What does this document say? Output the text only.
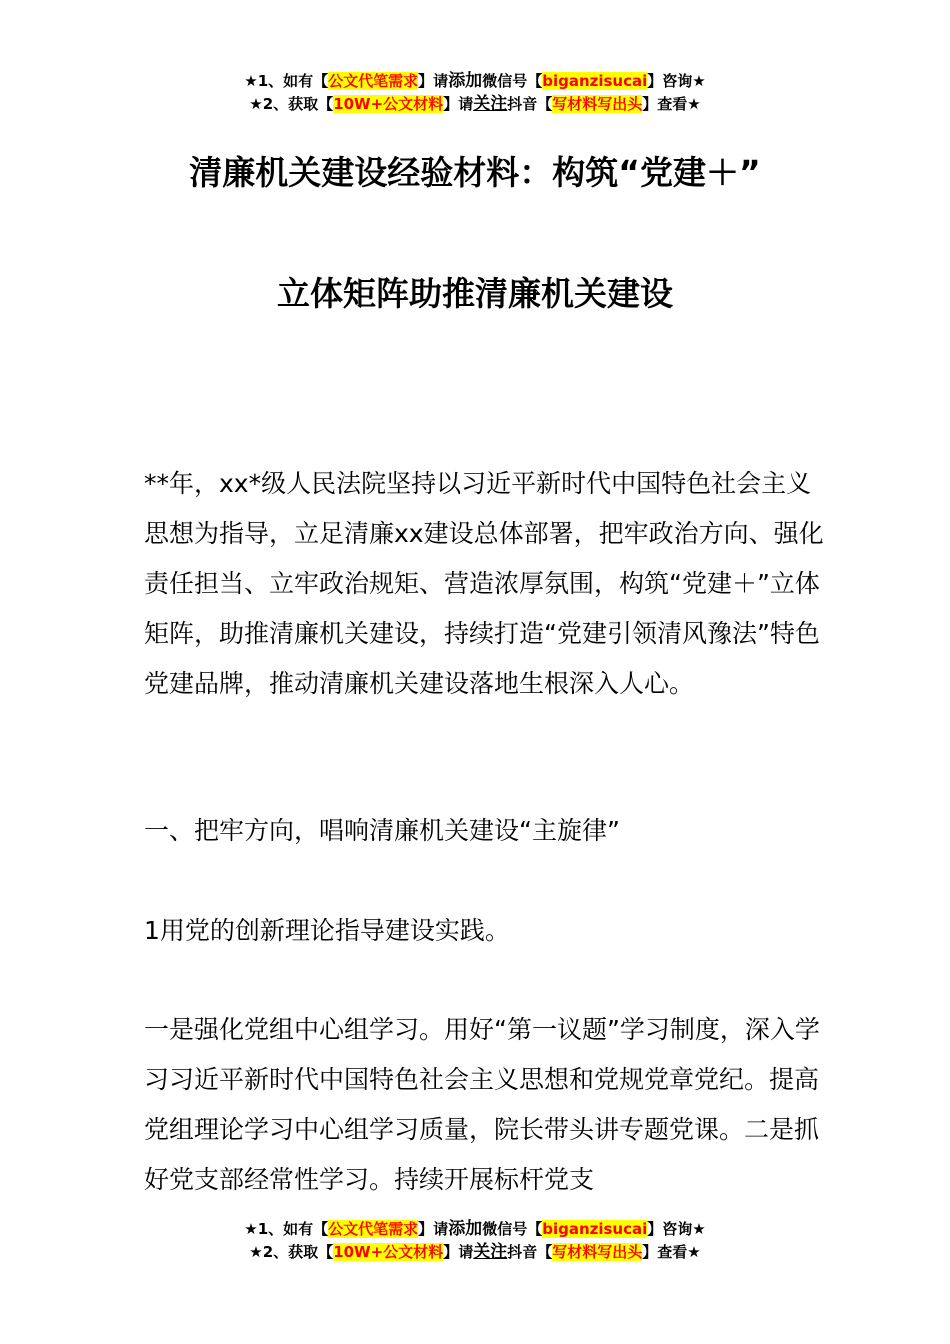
★1、如有【公文代笔需求】请添加微信号【biganzisucai】咨询★
★2、获取【10W+公文材料】请关注抖音【写材料写出头】查看★
清廉机关建设经验材料：构筑“党建＋”
立体矩阵助推清廉机关建设

**年，xx*级人民法院坚持以习近平新时代中国特色社会主义思想为指导，立足清廉xx建设总体部署，把牢政治方向、强化责任担当、立牢政治规矩、营造浓厚氛围，构筑“党建＋”立体矩阵，助推清廉机关建设，持续打造“党建引领清风豫法”特色党建品牌，推动清廉机关建设落地生根深入人心。

一、把牢方向，唱响清廉机关建设“主旋律”

1用党的创新理论指导建设实践。

一是强化党组中心组学习。用好“第一议题”学习制度，深入学习习近平新时代中国特色社会主义思想和党规党章党纪。提高党组理论学习中心组学习质量，院长带头讲专题党课。二是抓好党支部经常性学习。持续开展标杆党支

★1、如有【公文代笔需求】请添加微信号【biganzisucai】咨询★
★2、获取【10W+公文材料】请关注抖音【写材料写出头】查看★
